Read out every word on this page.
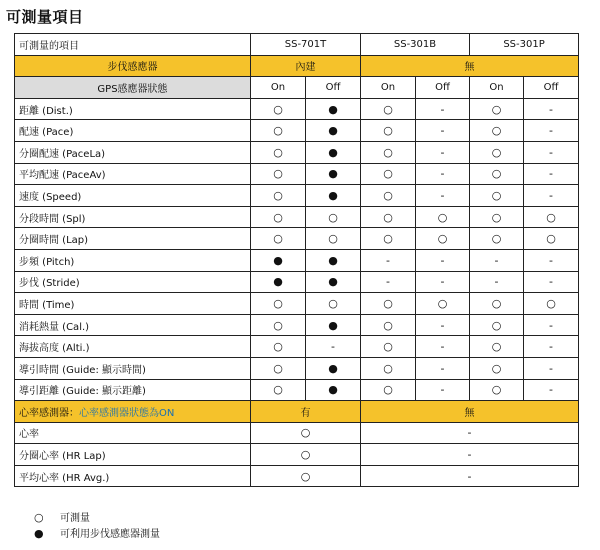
可測量項目
可測量的項目	SS-701T		SS-301B		SS-301P	
步伐感應器	內建		無			
GPS感應器狀態	On	Off	On	Off	On	Off
距離 (Dist.)	○	●	○	-	○	-
配速 (Pace)	○	●	○	-	○	-
分圈配速 (PaceLa)	○	●	○	-	○	-
平均配速 (PaceAv)	○	●	○	-	○	-
速度 (Speed)	○	●	○	-	○	-
分段時間 (Spl)	○	○	○	○	○	○
分圈時間 (Lap)	○	○	○	○	○	○
步頻 (Pitch)	●	●	-	-	-	-
步伐 (Stride)	●	●	-	-	-	-
時間 (Time)	○	○	○	○	○	○
消耗熱量 (Cal.)	○	●	○	-	○	-
海拔高度 (Alti.)	○	-	○	-	○	-
導引時間 (Guide: 顯示時間)	○	●	○	-	○	-
導引距離 (Guide: 顯示距離)	○	●	○	-	○	-
心率感測器：心率感測器狀態為ON	有		無			
心率	○		-			
分圈心率 (HR Lap)	○		-			
平均心率 (HR Avg.)	○		-			
○ 可測量
● 可利用步伐感應器測量
